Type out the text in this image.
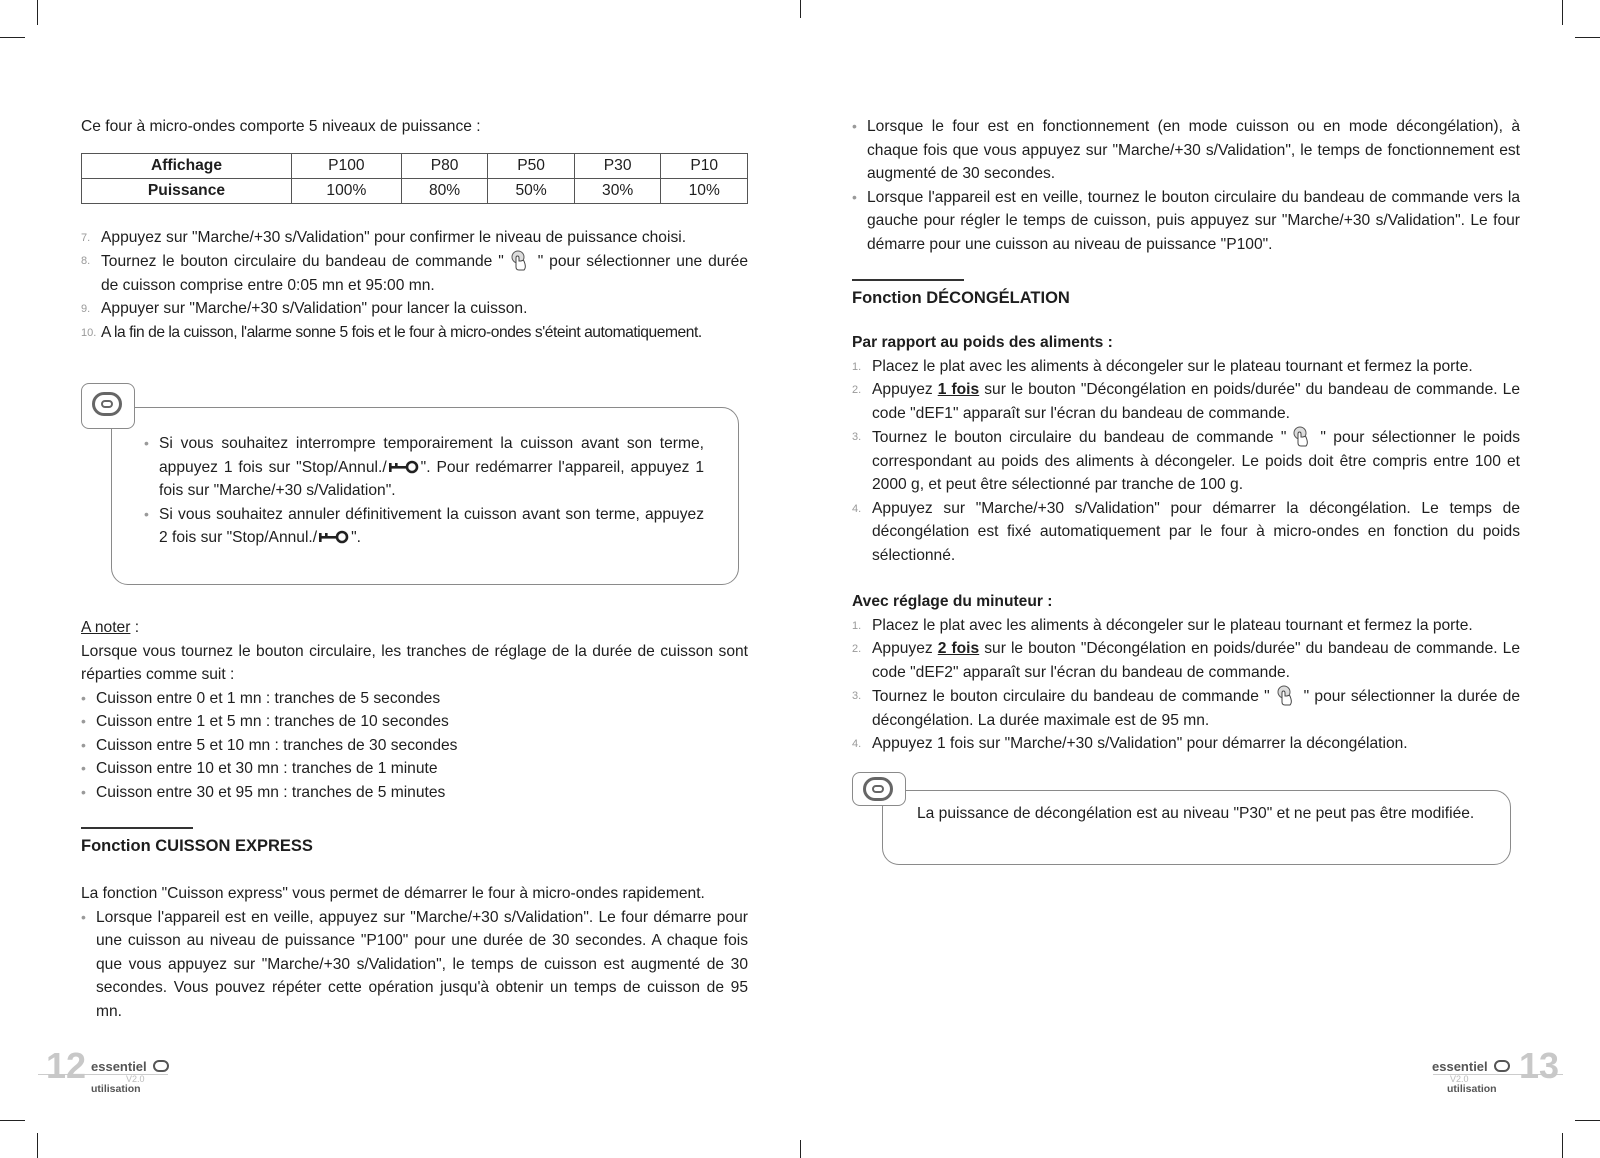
Ce four à micro-ondes comporte 5 niveaux de puissance :

Affichage	P100	P80	P50	P30	P10
Puissance	100%	80%	50%	30%	10%
7. Appuyez sur "Marche/+30 s/Validation" pour confirmer le niveau de puissance choisi.
8. Tournez le bouton circulaire du bandeau de commande " " pour sélectionner une durée de cuisson comprise entre 0:05 mn et 95:00 mn.
9. Appuyer sur "Marche/+30 s/Validation" pour lancer la cuisson.
10. A la fin de la cuisson, l'alarme sonne 5 fois et le four à micro-ondes s'éteint automatiquement.
• Si vous souhaitez interrompre temporairement la cuisson avant son terme, appuyez 1 fois sur "Stop/Annul./ ". Pour redémarrer l'appareil, appuyez 1 fois sur "Marche/+30 s/Validation".
• Si vous souhaitez annuler définitivement la cuisson avant son terme, appuyez 2 fois sur "Stop/Annul./ ".

A noter :

Lorsque vous tournez le bouton circulaire, les tranches de réglage de la durée de cuisson sont réparties comme suit :

• Cuisson entre 0 et 1 mn : tranches de 5 secondes
• Cuisson entre 1 et 5 mn : tranches de 10 secondes
• Cuisson entre 5 et 10 mn : tranches de 30 secondes
• Cuisson entre 10 et 30 mn : tranches de 1 minute
• Cuisson entre 30 et 95 mn : tranches de 5 minutes
Fonction CUISSON EXPRESS

La fonction "Cuisson express" vous permet de démarrer le four à micro-ondes rapidement.

• Lorsque l'appareil est en veille, appuyez sur "Marche/+30 s/Validation". Le four démarre pour une cuisson au niveau de puissance "P100" pour une durée de 30 secondes. A chaque fois que vous appuyez sur "Marche/+30 s/Validation", le temps de cuisson est augmenté de 30 secondes. Vous pouvez répéter cette opération jusqu'à obtenir un temps de cuisson de 95 mn.
12 essentiel
V2.0
utilisation
• Lorsque le four est en fonctionnement (en mode cuisson ou en mode décongélation), à chaque fois que vous appuyez sur "Marche/+30 s/Validation", le temps de fonctionnement est augmenté de 30 secondes.
• Lorsque l'appareil est en veille, tournez le bouton circulaire du bandeau de commande vers la gauche pour régler le temps de cuisson, puis appuyez sur "Marche/+30 s/Validation". Le four démarre pour une cuisson au niveau de puissance "P100".
Fonction DÉCONGÉLATION
Par rapport au poids des aliments :
1. Placez le plat avec les aliments à décongeler sur le plateau tournant et fermez la porte.
2. Appuyez 1 fois sur le bouton "Décongélation en poids/durée" du bandeau de commande. Le code "dEF1" apparaît sur l'écran du bandeau de commande.
3. Tournez le bouton circulaire du bandeau de commande " " pour sélectionner le poids correspondant au poids des aliments à décongeler. Le poids doit être compris entre 100 et 2000 g, et peut être sélectionné par tranche de 100 g.
4. Appuyez sur "Marche/+30 s/Validation" pour démarrer la décongélation. Le temps de décongélation est fixé automatiquement par le four à micro-ondes en fonction du poids sélectionné.
Avec réglage du minuteur :
1. Placez le plat avec les aliments à décongeler sur le plateau tournant et fermez la porte.
2. Appuyez 2 fois sur le bouton "Décongélation en poids/durée" du bandeau de commande. Le code "dEF2" apparaît sur l'écran du bandeau de commande.
3. Tournez le bouton circulaire du bandeau de commande " " pour sélectionner la durée de décongélation. La durée maximale est de 95 mn.
4. Appuyez 1 fois sur "Marche/+30 s/Validation" pour démarrer la décongélation.

La puissance de décongélation est au niveau "P30" et ne peut pas être modifiée.

essentiel 13
V2.0
utilisation
